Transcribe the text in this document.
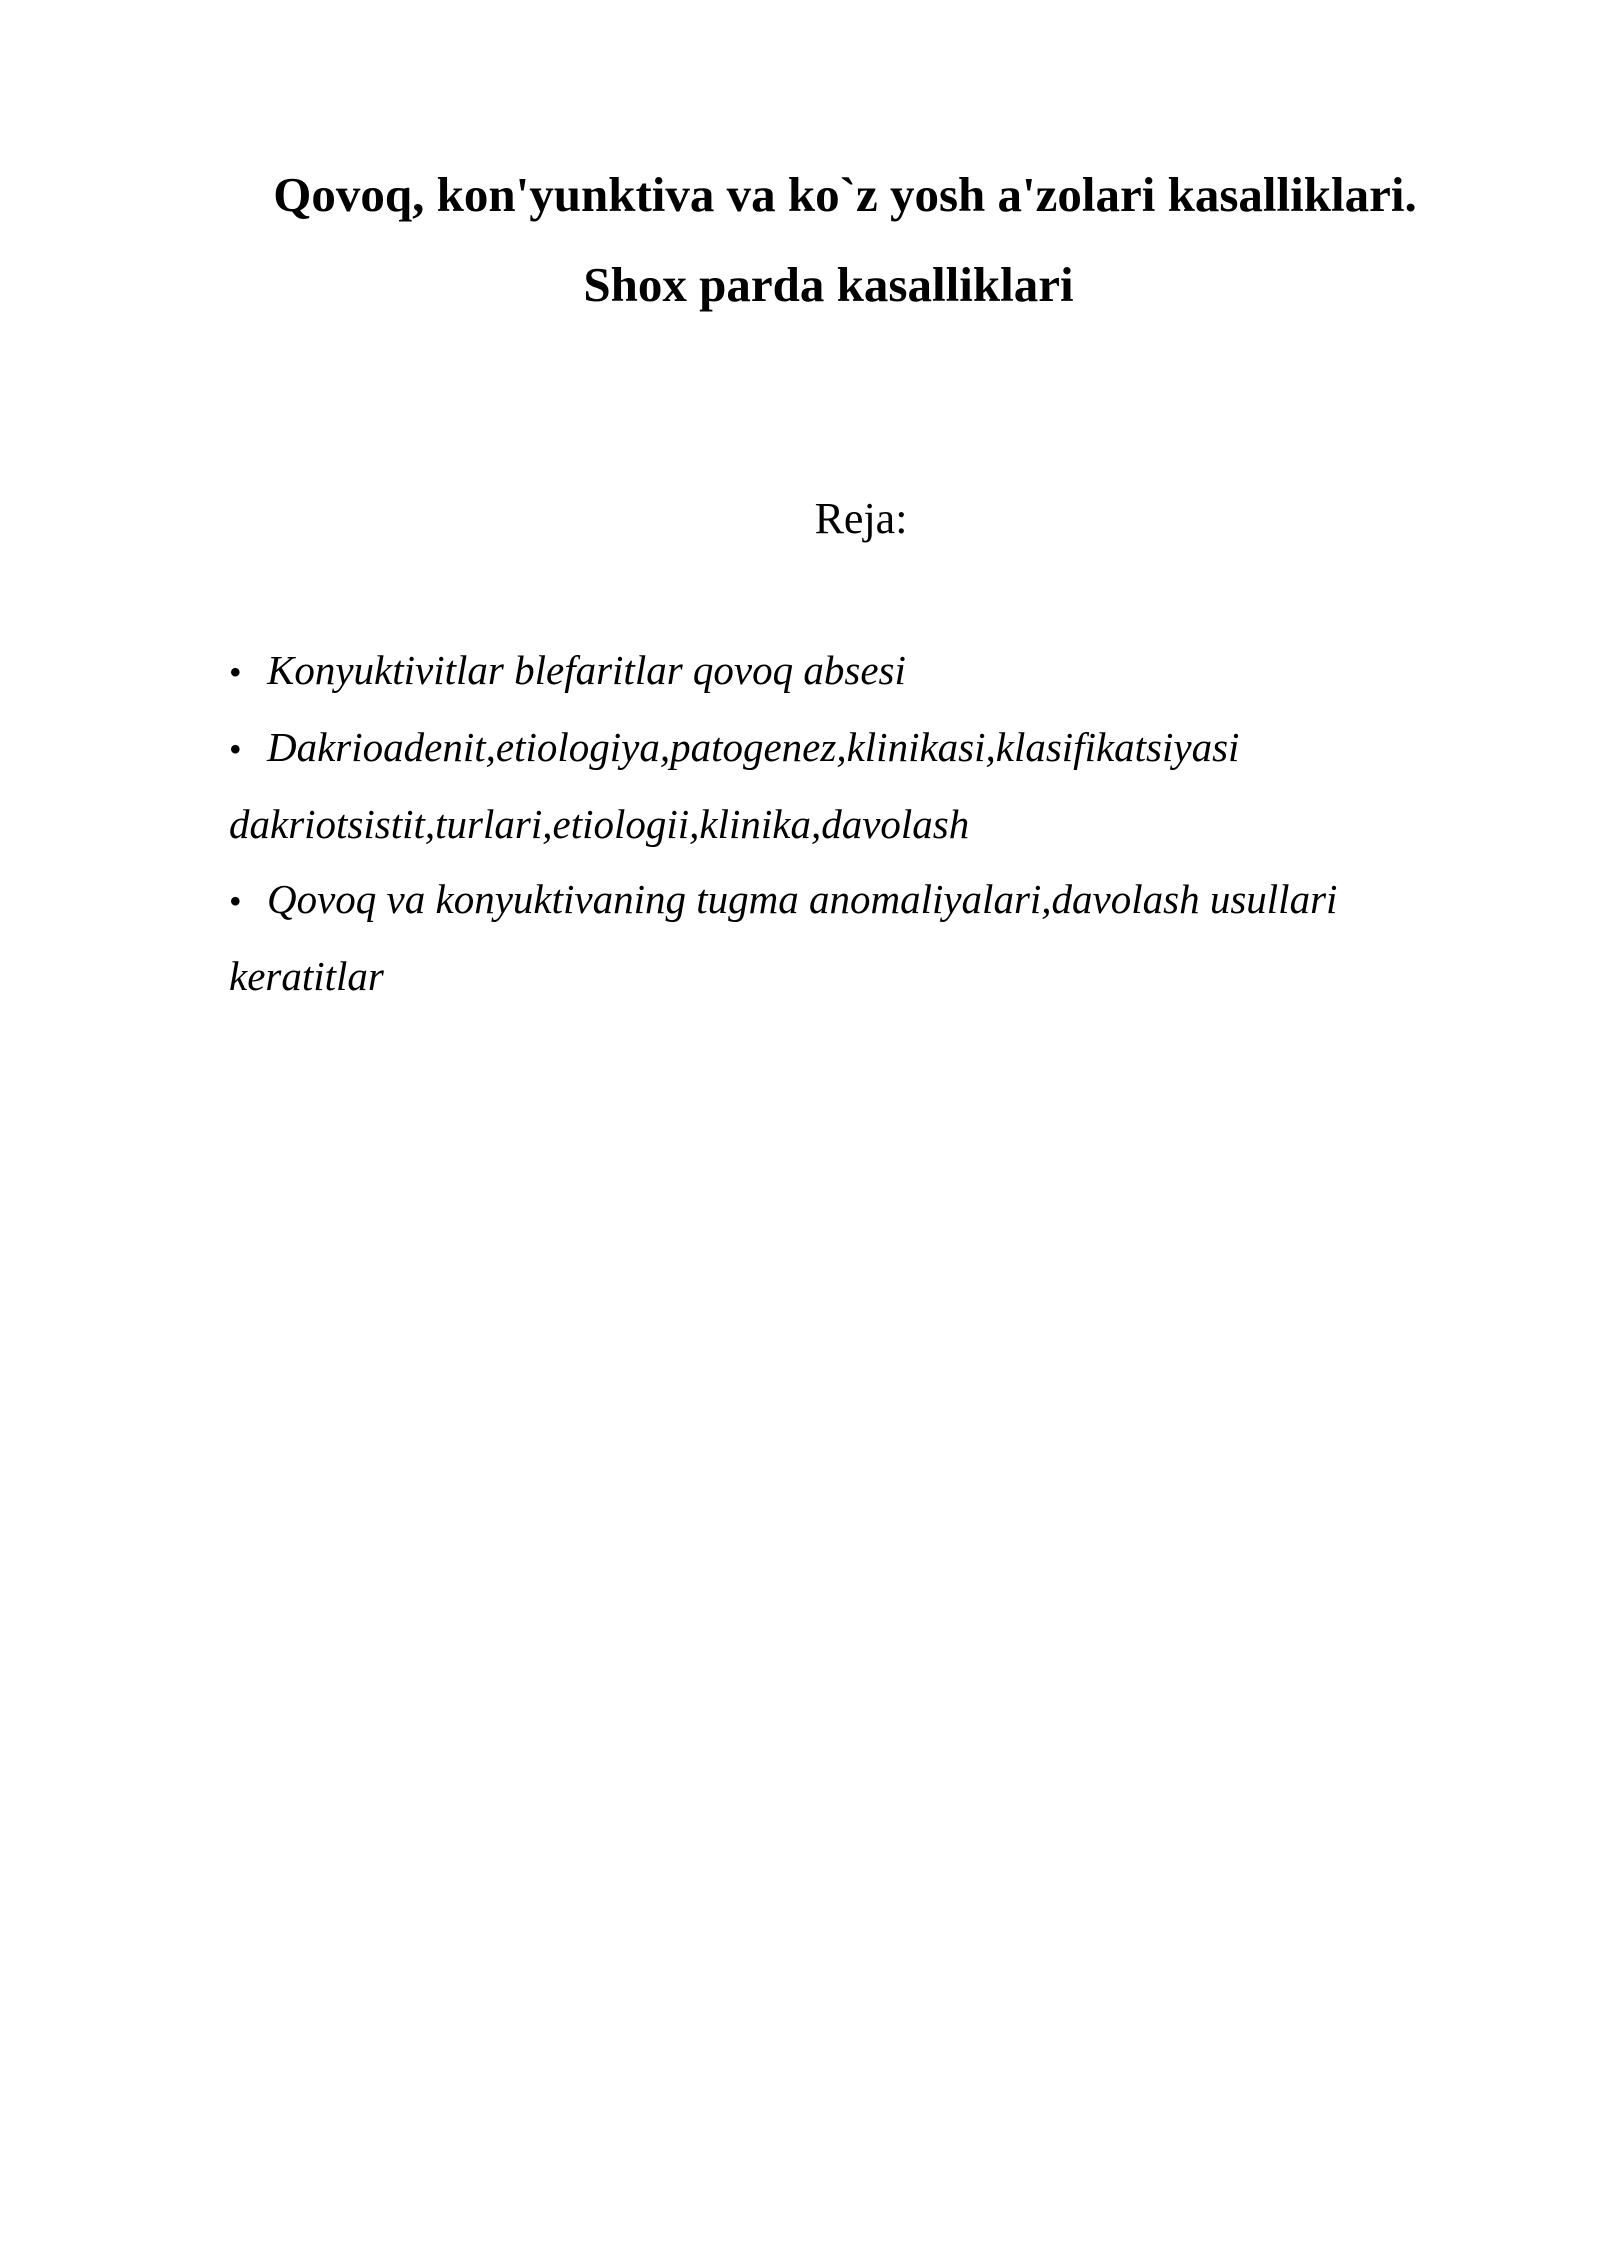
Qovoq, kon'yunktiva va ko`z yosh a'zolari kasalliklari.
Shox parda kasalliklari
Reja:
• Konyuktivitlar blefaritlar qovoq absesi
• Dakrioadenit,etiologiya,patogenez,klinikasi,klasifikatsiyasi
dakriotsistit,turlari,etiologii,klinika,davolash
• Qovoq va konyuktivaning tugma anomaliyalari,davolash usullari
keratitlar
